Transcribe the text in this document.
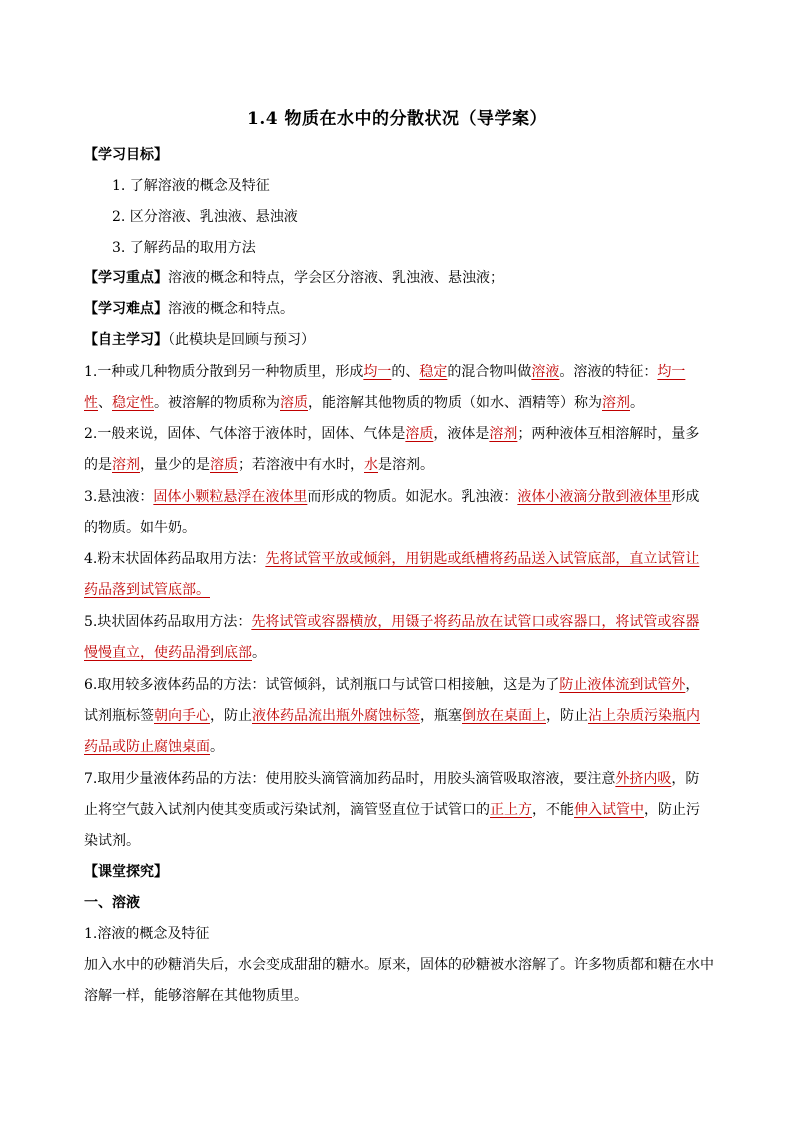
1.4 物质在水中的分散状况（导学案）
【学习目标】
1. 了解溶液的概念及特征
2. 区分溶液、乳浊液、悬浊液
3. 了解药品的取用方法
【学习重点】溶液的概念和特点，学会区分溶液、乳浊液、悬浊液；
【学习难点】溶液的概念和特点。
【自主学习】（此模块是回顾与预习）
1.一种或几种物质分散到另一种物质里，形成均一的、稳定的混合物叫做溶液。溶液的特征：均一
性、稳定性。被溶解的物质称为溶质，能溶解其他物质的物质（如水、酒精等）称为溶剂。
2.一般来说，固体、气体溶于液体时，固体、气体是溶质，液体是溶剂；两种液体互相溶解时，量多
的是溶剂，量少的是溶质；若溶液中有水时，水是溶剂。
3.悬浊液：固体小颗粒悬浮在液体里而形成的物质。如泥水。乳浊液：液体小液滴分散到液体里形成
的物质。如牛奶。
4.粉末状固体药品取用方法：先将试管平放或倾斜，用钥匙或纸槽将药品送入试管底部，直立试管让
药品落到试管底部。
5.块状固体药品取用方法：先将试管或容器横放，用镊子将药品放在试管口或容器口，将试管或容器
慢慢直立，使药品滑到底部。
6.取用较多液体药品的方法：试管倾斜，试剂瓶口与试管口相接触，这是为了防止液体流到试管外，
试剂瓶标签朝向手心，防止液体药品流出瓶外腐蚀标签，瓶塞倒放在桌面上，防止沾上杂质污染瓶内
药品或防止腐蚀桌面。
7.取用少量液体药品的方法：使用胶头滴管滴加药品时，用胶头滴管吸取溶液，要注意外挤内吸，防
止将空气鼓入试剂内使其变质或污染试剂，滴管竖直位于试管口的正上方，不能伸入试管中，防止污
染试剂。
【课堂探究】
一、溶液
1.溶液的概念及特征
加入水中的砂糖消失后，水会变成甜甜的糖水。原来，固体的砂糖被水溶解了。许多物质都和糖在水中
溶解一样，能够溶解在其他物质里。
